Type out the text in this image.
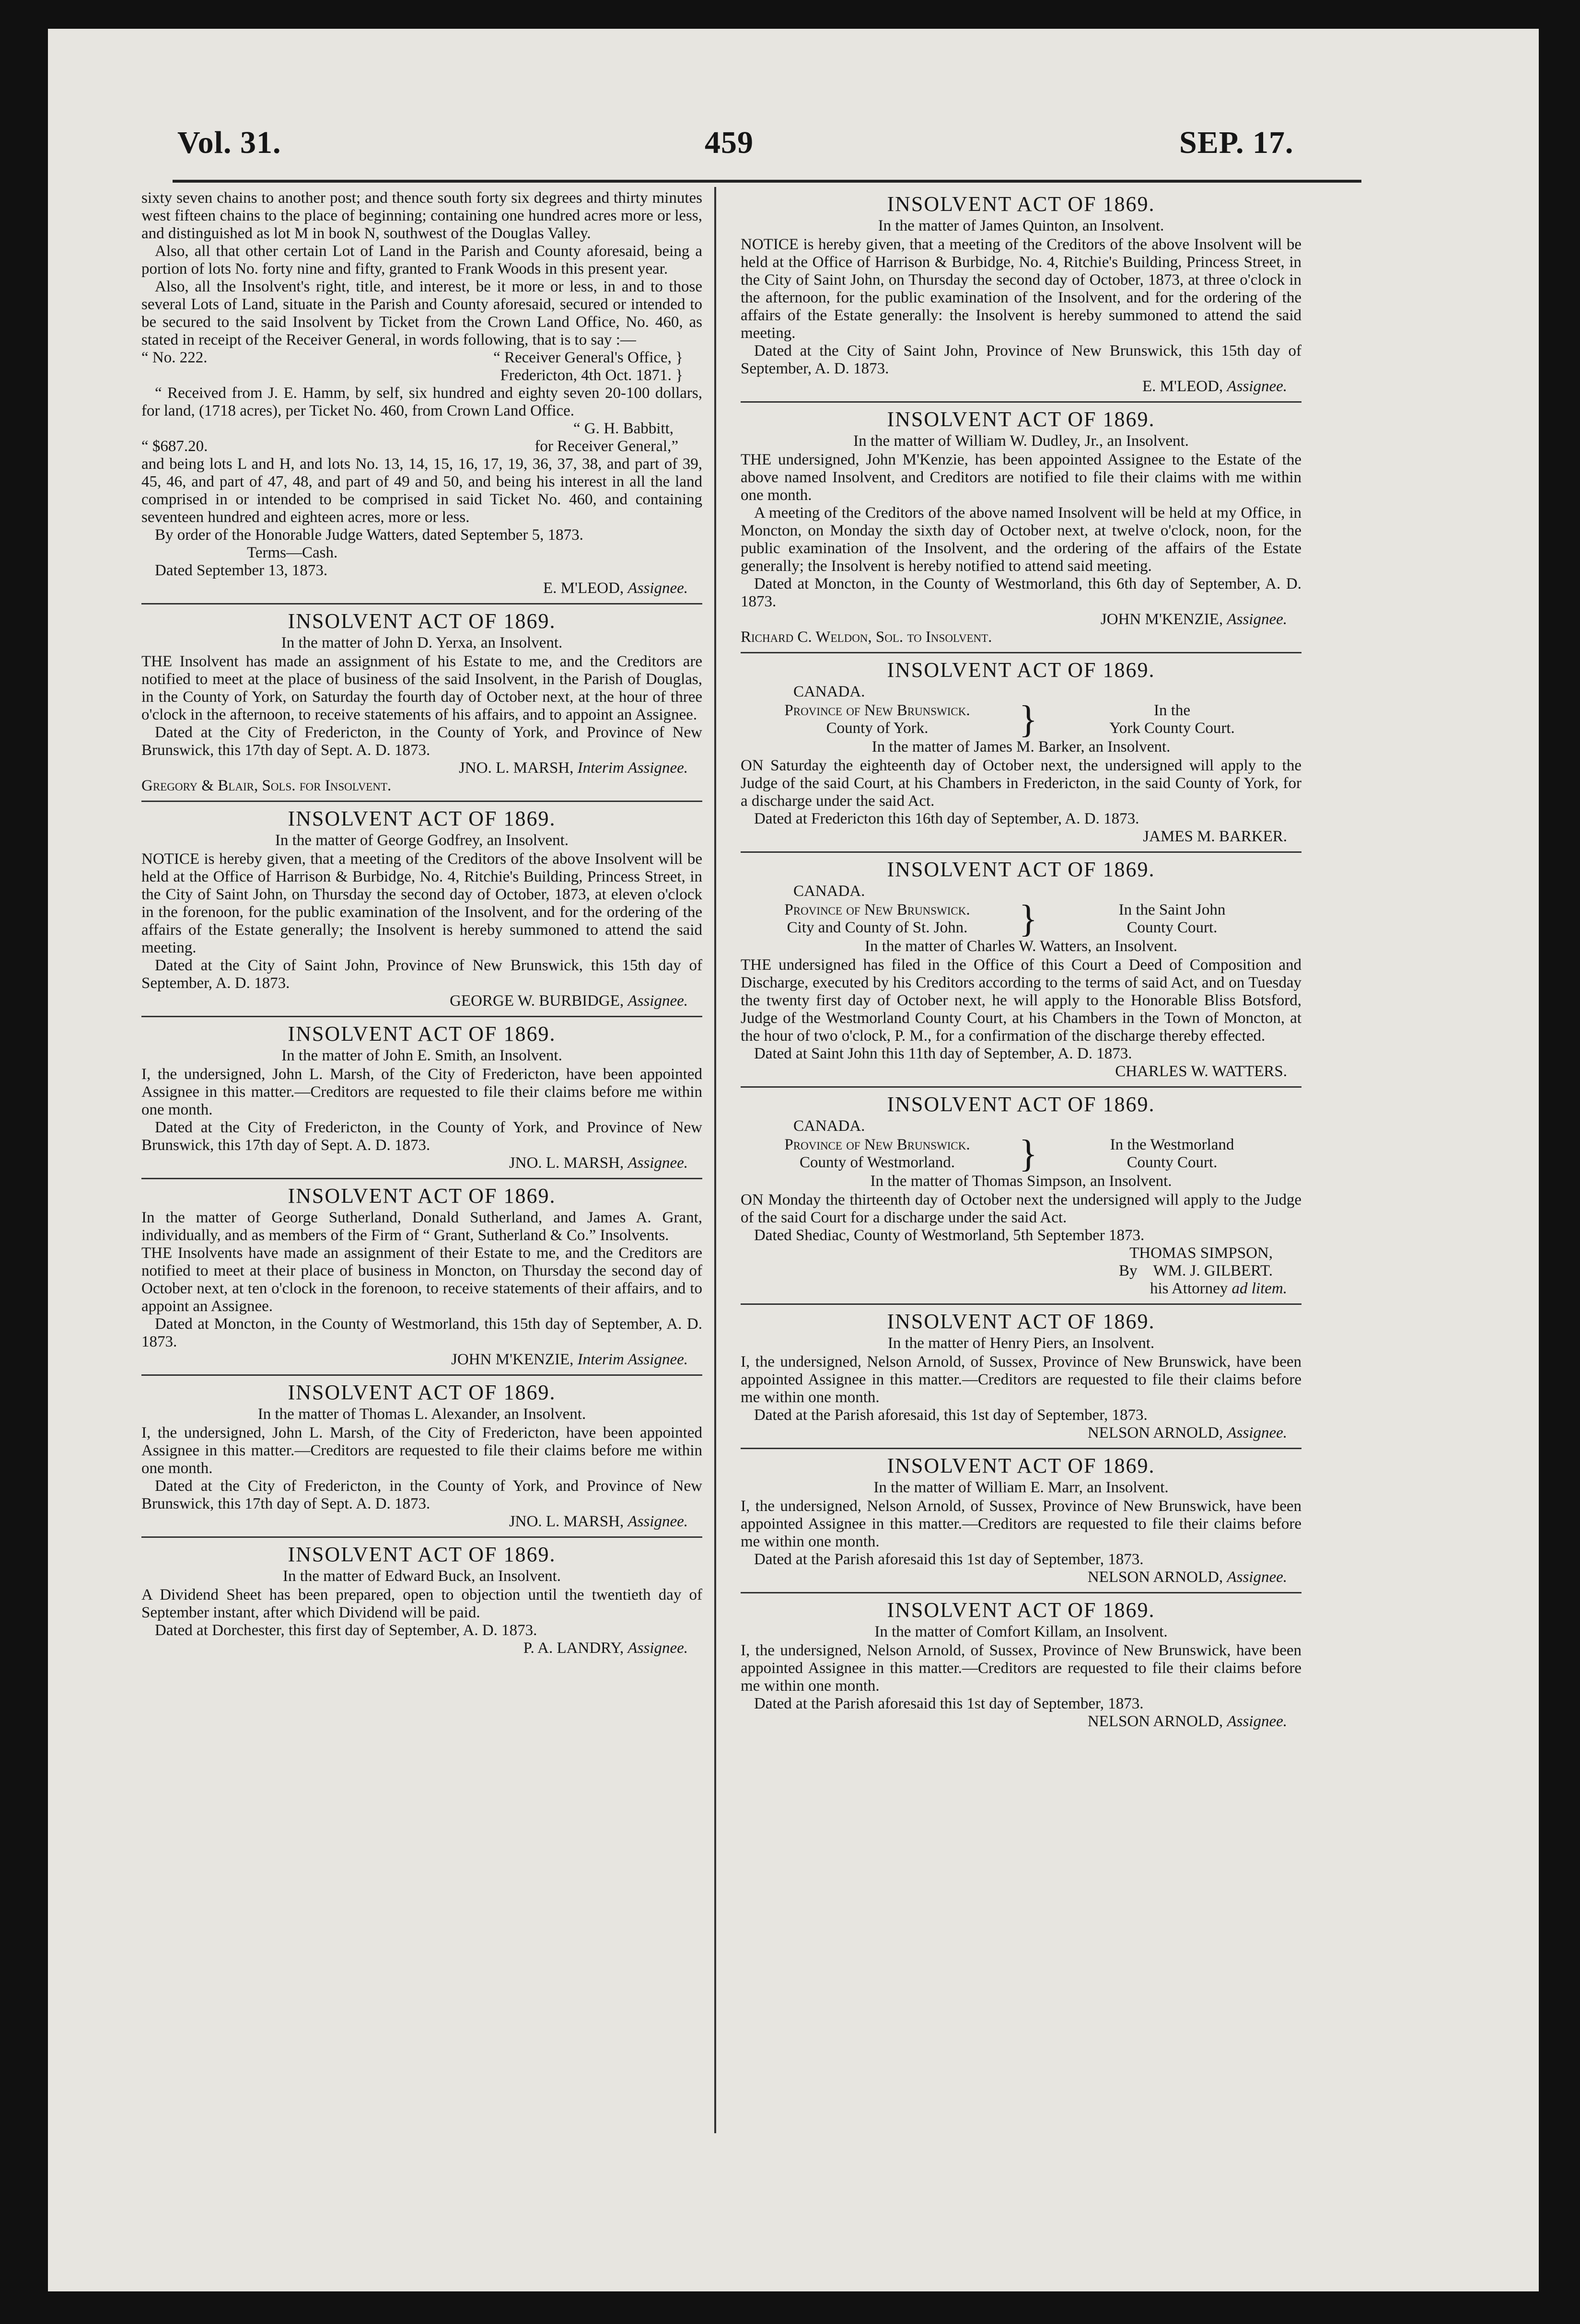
Vol. 31.	459	SEP. 17.

sixty seven chains to another post; and thence south forty six degrees and thirty minutes west fifteen chains to the place of beginning; containing one hundred acres more or less, and distinguished as lot M in book N, southwest of the Douglas Valley.

Also, all that other certain Lot of Land in the Parish and County aforesaid, being a portion of lots No. forty nine and fifty, granted to Frank Woods in this present year.

Also, all the Insolvent's right, title, and interest, be it more or less, in and to those several Lots of Land, situate in the Parish and County aforesaid, secured or intended to be secured to the said Insolvent by Ticket from the Crown Land Office, No. 460, as stated in receipt of the Receiver General, in words following, that is to say :—

“ No. 222.	“ Receiver General's Office, }
Fredericton, 4th Oct. 1871. }

“ Received from J. E. Hamm, by self, six hundred and eighty seven 20-100 dollars, for land, (1718 acres), per Ticket No. 460, from Crown Land Office.

“ G. H. Babbitt,
“ $687.20.	for Receiver General,”

and being lots L and H, and lots No. 13, 14, 15, 16, 17, 19, 36, 37, 38, and part of 39, 45, 46, and part of 47, 48, and part of 49 and 50, and being his interest in all the land comprised in or intended to be comprised in said Ticket No. 460, and containing seventeen hundred and eighteen acres, more or less.

By order of the Honorable Judge Watters, dated September 5, 1873.

Terms—Cash.

Dated September 13, 1873.

E. M'LEOD, Assignee.
INSOLVENT ACT OF 1869.
In the matter of John D. Yerxa, an Insolvent.

THE Insolvent has made an assignment of his Estate to me, and the Creditors are notified to meet at the place of business of the said Insolvent, in the Parish of Douglas, in the County of York, on Saturday the fourth day of October next, at the hour of three o'clock in the afternoon, to receive statements of his affairs, and to appoint an Assignee.

Dated at the City of Fredericton, in the County of York, and Province of New Brunswick, this 17th day of Sept. A. D. 1873.

JNO. L. MARSH, Interim Assignee.
Gregory & Blair, Sols. for Insolvent.
INSOLVENT ACT OF 1869.
In the matter of George Godfrey, an Insolvent.

NOTICE is hereby given, that a meeting of the Creditors of the above Insolvent will be held at the Office of Harrison & Burbidge, No. 4, Ritchie's Building, Princess Street, in the City of Saint John, on Thursday the second day of October, 1873, at eleven o'clock in the forenoon, for the public examination of the Insolvent, and for the ordering of the affairs of the Estate generally; the Insolvent is hereby summoned to attend the said meeting.

Dated at the City of Saint John, Province of New Brunswick, this 15th day of September, A. D. 1873.

GEORGE W. BURBIDGE, Assignee.
INSOLVENT ACT OF 1869.
In the matter of John E. Smith, an Insolvent.

I, the undersigned, John L. Marsh, of the City of Fredericton, have been appointed Assignee in this matter.—Creditors are requested to file their claims before me within one month.

Dated at the City of Fredericton, in the County of York, and Province of New Brunswick, this 17th day of Sept. A. D. 1873.

JNO. L. MARSH, Assignee.
INSOLVENT ACT OF 1869.

In the matter of George Sutherland, Donald Sutherland, and James A. Grant, individually, and as members of the Firm of “ Grant, Sutherland & Co.” Insolvents.

THE Insolvents have made an assignment of their Estate to me, and the Creditors are notified to meet at their place of business in Moncton, on Thursday the second day of October next, at ten o'clock in the forenoon, to receive statements of their affairs, and to appoint an Assignee.

Dated at Moncton, in the County of Westmorland, this 15th day of September, A. D. 1873.

JOHN M'KENZIE, Interim Assignee.
INSOLVENT ACT OF 1869.
In the matter of Thomas L. Alexander, an Insolvent.

I, the undersigned, John L. Marsh, of the City of Fredericton, have been appointed Assignee in this matter.—Creditors are requested to file their claims before me within one month.

Dated at the City of Fredericton, in the County of York, and Province of New Brunswick, this 17th day of Sept. A. D. 1873.

JNO. L. MARSH, Assignee.
INSOLVENT ACT OF 1869.
In the matter of Edward Buck, an Insolvent.

A Dividend Sheet has been prepared, open to objection until the twentieth day of September instant, after which Dividend will be paid.

Dated at Dorchester, this first day of September, A. D. 1873.

P. A. LANDRY, Assignee.
INSOLVENT ACT OF 1869.
In the matter of James Quinton, an Insolvent.

NOTICE is hereby given, that a meeting of the Creditors of the above Insolvent will be held at the Office of Harrison & Burbidge, No. 4, Ritchie's Building, Princess Street, in the City of Saint John, on Thursday the second day of October, 1873, at three o'clock in the afternoon, for the public examination of the Insolvent, and for the ordering of the affairs of the Estate generally: the Insolvent is hereby summoned to attend the said meeting.

Dated at the City of Saint John, Province of New Brunswick, this 15th day of September, A. D. 1873.

E. M'LEOD, Assignee.
INSOLVENT ACT OF 1869.
In the matter of William W. Dudley, Jr., an Insolvent.

THE undersigned, John M'Kenzie, has been appointed Assignee to the Estate of the above named Insolvent, and Creditors are notified to file their claims with me within one month.

A meeting of the Creditors of the above named Insolvent will be held at my Office, in Moncton, on Monday the sixth day of October next, at twelve o'clock, noon, for the public examination of the Insolvent, and the ordering of the affairs of the Estate generally; the Insolvent is hereby notified to attend said meeting.

Dated at Moncton, in the County of Westmorland, this 6th day of September, A. D. 1873.

JOHN M'KENZIE, Assignee.
Richard C. Weldon, Sol. to Insolvent.
INSOLVENT ACT OF 1869.
CANADA.
Province of New Brunswick.
County of York.	}	In the
York County Court.
In the matter of James M. Barker, an Insolvent.

ON Saturday the eighteenth day of October next, the undersigned will apply to the Judge of the said Court, at his Chambers in Fredericton, in the said County of York, for a discharge under the said Act.

Dated at Fredericton this 16th day of September, A. D. 1873.

JAMES M. BARKER.
INSOLVENT ACT OF 1869.
CANADA.
Province of New Brunswick.
City and County of St. John.	}	In the Saint John
County Court.
In the matter of Charles W. Watters, an Insolvent.

THE undersigned has filed in the Office of this Court a Deed of Composition and Discharge, executed by his Creditors according to the terms of said Act, and on Tuesday the twenty first day of October next, he will apply to the Honorable Bliss Botsford, Judge of the Westmorland County Court, at his Chambers in the Town of Moncton, at the hour of two o'clock, P. M., for a confirmation of the discharge thereby effected.

Dated at Saint John this 11th day of September, A. D. 1873.

CHARLES W. WATTERS.
INSOLVENT ACT OF 1869.
CANADA.
Province of New Brunswick.
County of Westmorland.	}	In the Westmorland
County Court.
In the matter of Thomas Simpson, an Insolvent.

ON Monday the thirteenth day of October next the undersigned will apply to the Judge of the said Court for a discharge under the said Act.

Dated Shediac, County of Westmorland, 5th September 1873.

THOMAS SIMPSON,
By WM. J. GILBERT.
his Attorney ad litem.
INSOLVENT ACT OF 1869.
In the matter of Henry Piers, an Insolvent.

I, the undersigned, Nelson Arnold, of Sussex, Province of New Brunswick, have been appointed Assignee in this matter.—Creditors are requested to file their claims before me within one month.

Dated at the Parish aforesaid, this 1st day of September, 1873.

NELSON ARNOLD, Assignee.
INSOLVENT ACT OF 1869.
In the matter of William E. Marr, an Insolvent.

I, the undersigned, Nelson Arnold, of Sussex, Province of New Brunswick, have been appointed Assignee in this matter.—Creditors are requested to file their claims before me within one month.

Dated at the Parish aforesaid this 1st day of September, 1873.

NELSON ARNOLD, Assignee.
INSOLVENT ACT OF 1869.
In the matter of Comfort Killam, an Insolvent.

I, the undersigned, Nelson Arnold, of Sussex, Province of New Brunswick, have been appointed Assignee in this matter.—Creditors are requested to file their claims before me within one month.

Dated at the Parish aforesaid this 1st day of September, 1873.

NELSON ARNOLD, Assignee.
